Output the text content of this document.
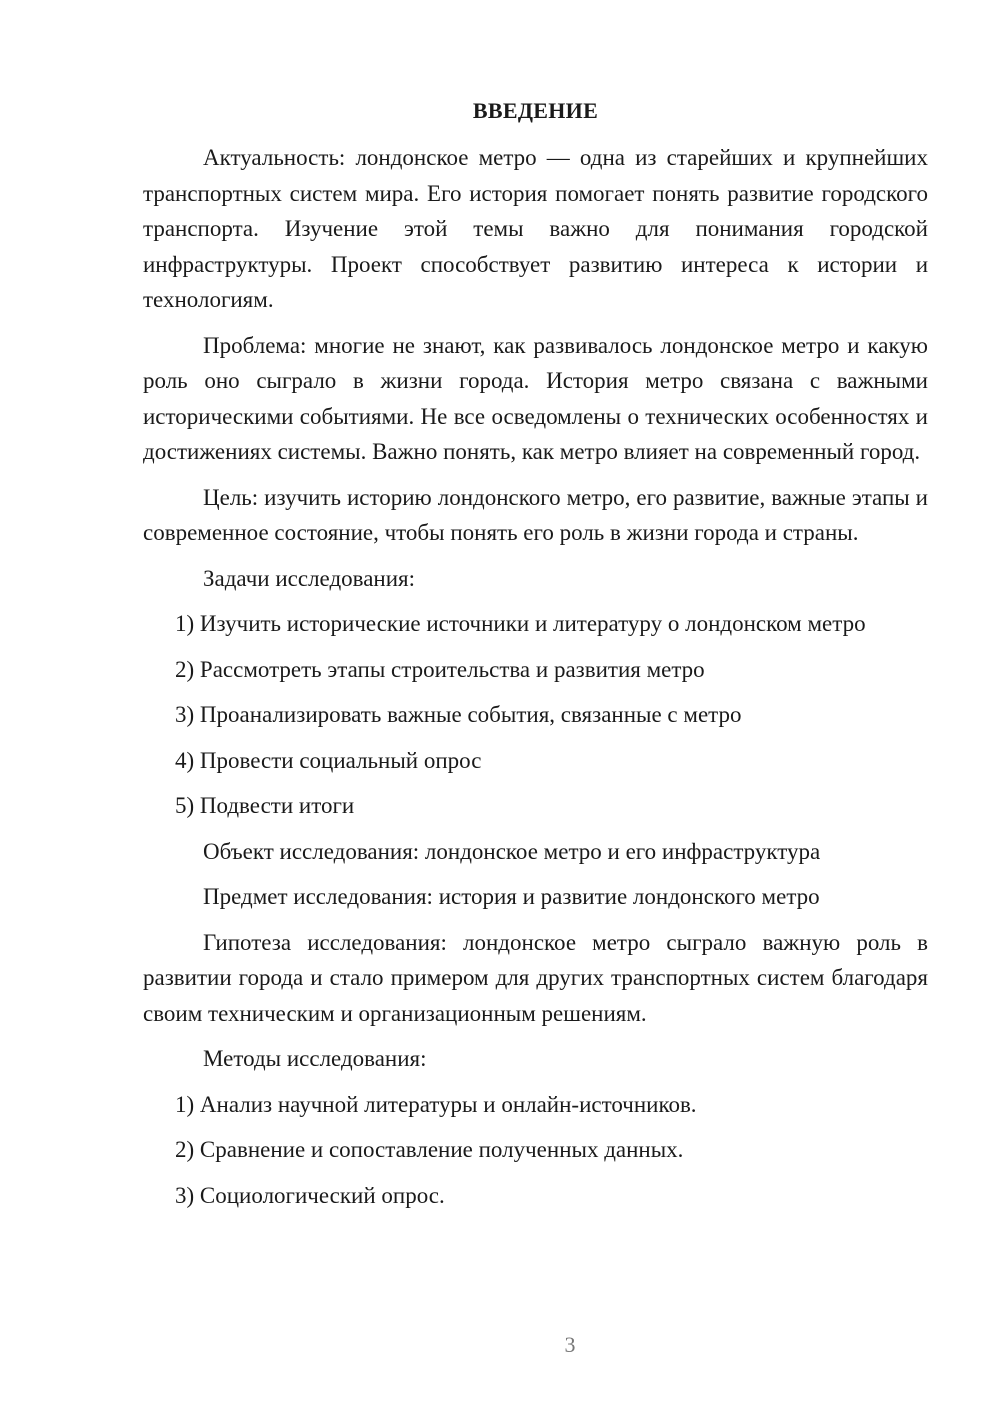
ВВЕДЕНИЕ

Актуальность: лондонское метро — одна из старейших и крупнейших транспортных систем мира. Его история помогает понять развитие городского транспорта. Изучение этой темы важно для понимания городской инфраструктуры. Проект способствует развитию интереса к истории и технологиям.

Проблема: многие не знают, как развивалось лондонское метро и какую роль оно сыграло в жизни города. История метро связана с важными историческими событиями. Не все осведомлены о технических особенностях и достижениях системы. Важно понять, как метро влияет на современный город.

Цель: изучить историю лондонского метро, его развитие, важные этапы и современное состояние, чтобы понять его роль в жизни города и страны.

Задачи исследования:

1) Изучить исторические источники и литературу о лондонском метро

2) Рассмотреть этапы строительства и развития метро

3) Проанализировать важные события, связанные с метро

4) Провести социальный опрос

5) Подвести итоги

Объект исследования: лондонское метро и его инфраструктура

Предмет исследования: история и развитие лондонского метро

Гипотеза исследования: лондонское метро сыграло важную роль в развитии города и стало примером для других транспортных систем благодаря своим техническим и организационным решениям.

Методы исследования:

1) Анализ научной литературы и онлайн-источников.

2) Сравнение и сопоставление полученных данных.

3) Социологический опрос.

3
